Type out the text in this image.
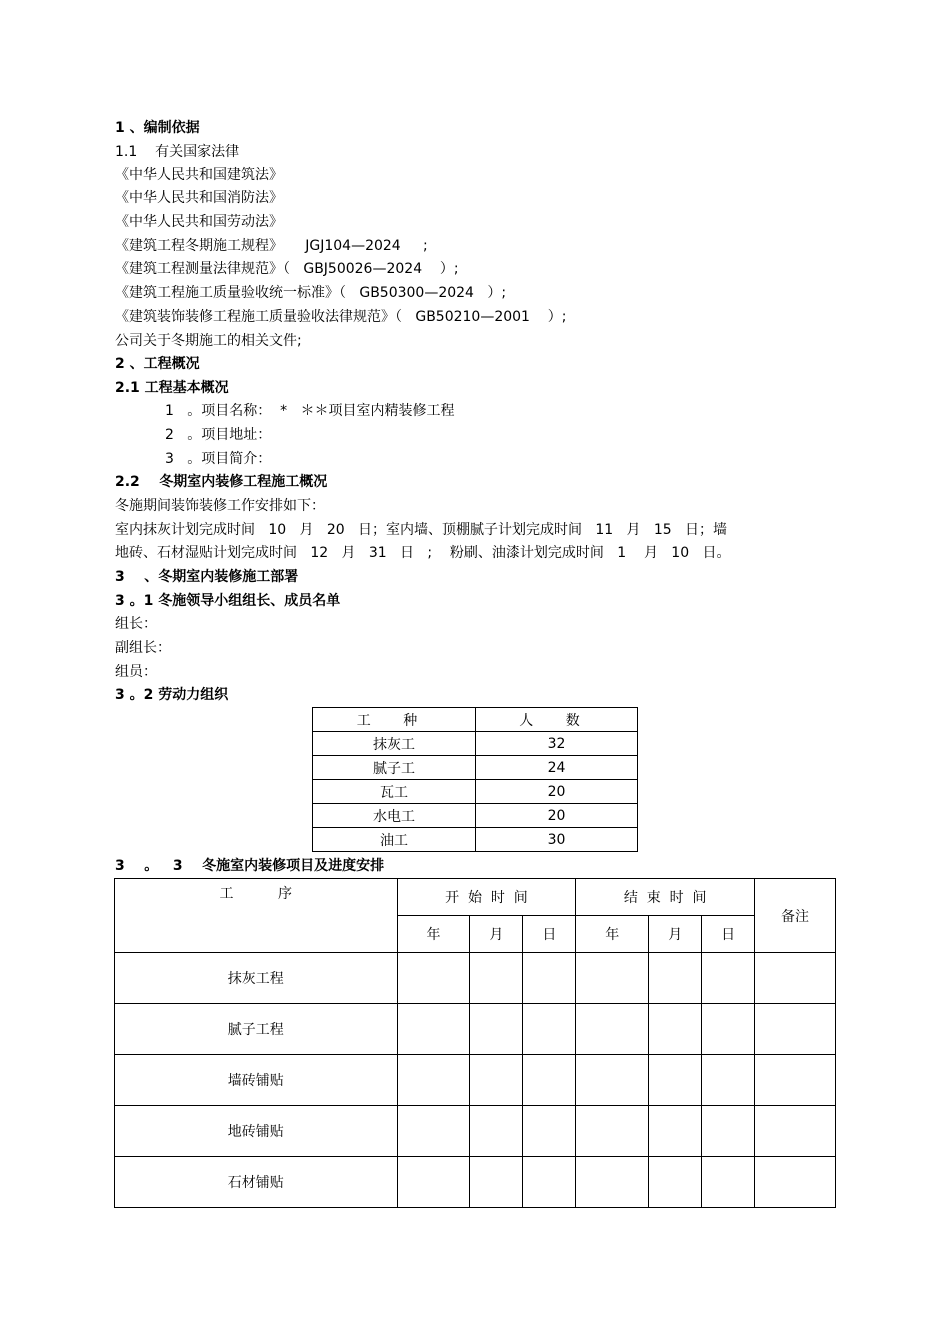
1 、编制依据
1.1    有关国家法律
《中华人民共和国建筑法》
《中华人民共和国消防法》
《中华人民共和国劳动法》
《建筑工程冬期施工规程》     JGJ104—2024     ;
《建筑工程测量法律规范》（   GBJ50026—2024    ）;
《建筑工程施工质量验收统一标准》（   GB50300—2024   ）;
《建筑装饰装修工程施工质量验收法律规范》（   GB50210—2001    ）;
公司关于冬期施工的相关文件;
2 、工程概况
2.1 工程基本概况
1   。项目名称：  *   ＊＊项目室内精装修工程
2   。项目地址：
3   。项目简介：
2.2    冬期室内装修工程施工概况
冬施期间装饰装修工作安排如下：
室内抹灰计划完成时间   10   月   20   日；室内墙、顶棚腻子计划完成时间   11   月   15   日；墙
地砖、石材湿贴计划完成时间   12   月   31   日   ;    粉刷、油漆计划完成时间   1    月   10   日。
3    、冬期室内装修施工部署
3 。1 冬施领导小组组长、成员名单
组长：
副组长：
组员：
3 。2 劳动力组织
工 种	人 数
抹灰工	32
腻子工	24
瓦工	20
水电工	20
油工	30
3    。   3    冬施室内装修项目及进度安排
工          序	开  始  时  间			结  束  时  间			备注
	年	月	日	年	月	日	
抹灰工程							
腻子工程							
墙砖铺贴							
地砖铺贴							
石材铺贴							
